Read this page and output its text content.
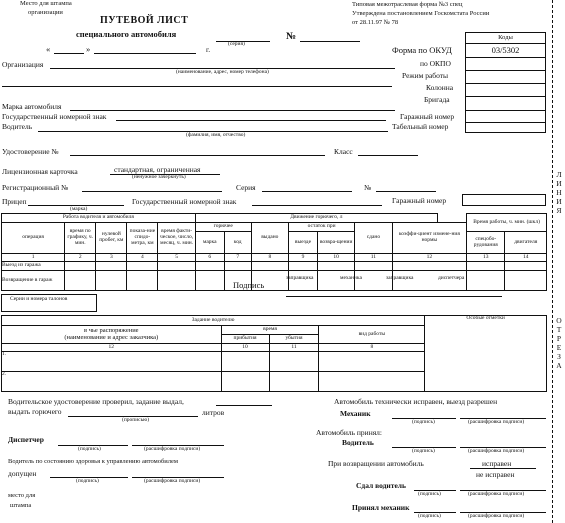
Место для штампа
организации
ПУТЕВОЙ ЛИСТ
специального автомобиля
(серия)
№
«	»	г.
Типовая межотраслевая форма №3 спец
Утверждена постановлением Госкомстата России
от 28.11.97 № 78
Коды
03/5302
Форма по ОКУД
по ОКПО
Режим работы
Колонна
Бригада
Организация
(наименование, адрес, номер телефона)
Марка автомобиля
Государственный номерной знак	Гаражный номер
Водитель
(фамилия, имя, отчество)
Табельный номер
Удостоверение №	Класс
Лицензионная карточка	стандартная, ограниченная
(ненужное зачеркнуть)
Регистрационный №	Серия	№
Прицеп
(марка)
Государственный номерной знак	Гаражный номер
Работа водителя и автомобиля					Движение горючего, л								Время работы, ч. мин. (шкл)	
операция	время по графику, ч. мин.	нулевой пробег, км	показа-ние спидо-метра, км	время факти-ческое, число, месяц, ч. мин.	горючее		выдано	остаток при		сдано	коэффи-циент измене-ния нормы			
					марка	код		выезде	возвра-щении				спецобо-рудования	двигателя

1	2	3	4	5	6	7	8	9	10	11	12		13	14
Выезд из гаража														
Возвращение в гараж														
Подпись
заправщика	механика	заправщика	диспетчера
Серии и номера талонов
Задание водителю				Особые отметки
в чье распоряжение
(наименование и адрес заказчика)	время		вид работы	
	прибытия	убытия		
12	10	11	8	
1.				
2.				
Водительское удостоверение проверил, задание выдал,
выдать горючего	литров
(прописью)
Диспетчер
(подпись)	(расшифровка подписи)
Водитель по состоянию здоровья к управлению автомобилем
допущен
(подпись)	(расшифровка подписи)
место для
штампа
Автомобиль технически исправен, выезд разрешен
Механик
(подпись)	(расшифровка подписи)
Автомобиль принял:
Водитель
(подпись)	(расшифровка подписи)
При возвращении автомобиль	исправен
не исправен
Сдал водитель
(подпись)	(расшифровка подписи)
Принял механик
(подпись)	(расшифровка подписи)
Л И Н И Я
О Т Р Е З А
